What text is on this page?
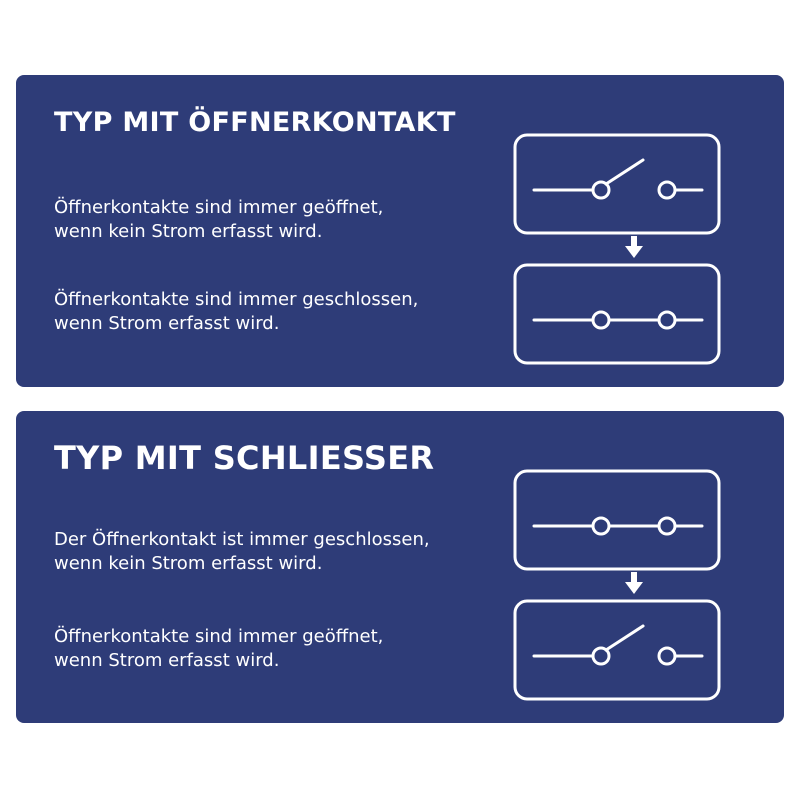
TYP MIT ÖFFNERKONTAKT

Öffnerkontakte sind immer geöffnet,
wenn kein Strom erfasst wird.

Öffnerkontakte sind immer geschlossen,
wenn Strom erfasst wird.

TYP MIT SCHLIESSER

Der Öffnerkontakt ist immer geschlossen,
wenn kein Strom erfasst wird.

Öffnerkontakte sind immer geöffnet,
wenn Strom erfasst wird.
